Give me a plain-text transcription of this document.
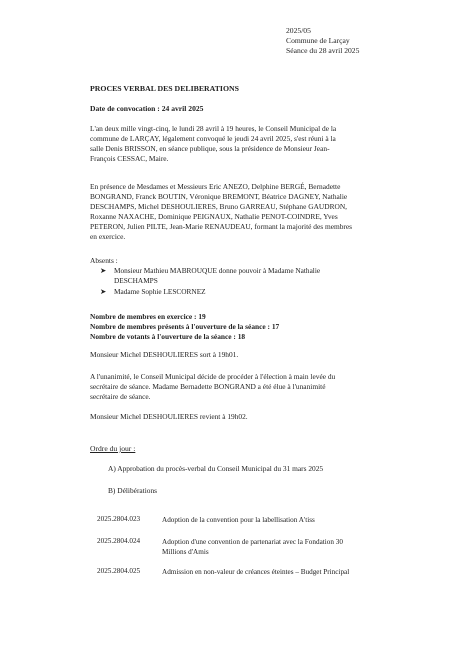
2025/05
Commune de Larçay
Séance du 28 avril 2025
PROCES VERBAL DES DELIBERATIONS
Date de convocation : 24 avril 2025
L'an deux mille vingt-cinq, le lundi 28 avril à 19 heures, le Conseil Municipal de la
commune de LARÇAY, légalement convoqué le jeudi 24 avril 2025, s'est réuni à la
salle Denis BRISSON, en séance publique, sous la présidence de Monsieur Jean-
François CESSAC, Maire.
En présence de Mesdames et Messieurs Eric ANEZO, Delphine BERGÉ, Bernadette
BONGRAND, Franck BOUTIN, Véronique BREMONT, Béatrice DAGNEY, Nathalie
DESCHAMPS, Michel DESHOULIERES, Bruno GARREAU, Stéphane GAUDRON,
Roxanne NAXACHE, Dominique PEIGNAUX, Nathalie PENOT-COINDRE, Yves
PETERON, Julien PILTE, Jean-Marie RENAUDEAU, formant la majorité des membres
en exercice.
Absents :
➤ Monsieur Mathieu MABROUQUE donne pouvoir à Madame Nathalie
DESCHAMPS
➤ Madame Sophie LESCORNEZ
Nombre de membres en exercice : 19
Nombre de membres présents à l'ouverture de la séance : 17
Nombre de votants à l'ouverture de la séance : 18
Monsieur Michel DESHOULIERES sort à 19h01.
A l'unanimité, le Conseil Municipal décide de procéder à l'élection à main levée du
secrétaire de séance. Madame Bernadette BONGRAND a été élue à l'unanimité
secrétaire de séance.
Monsieur Michel DESHOULIERES revient à 19h02.
Ordre du jour :
A) Approbation du procès-verbal du Conseil Municipal du 31 mars 2025
B) Délibérations
2025.2804.023	Adoption de la convention pour la labellisation A'tiss
2025.2804.024	Adoption d'une convention de partenariat avec la Fondation 30
Millions d'Amis
2025.2804.025	Admission en non-valeur de créances éteintes – Budget Principal
